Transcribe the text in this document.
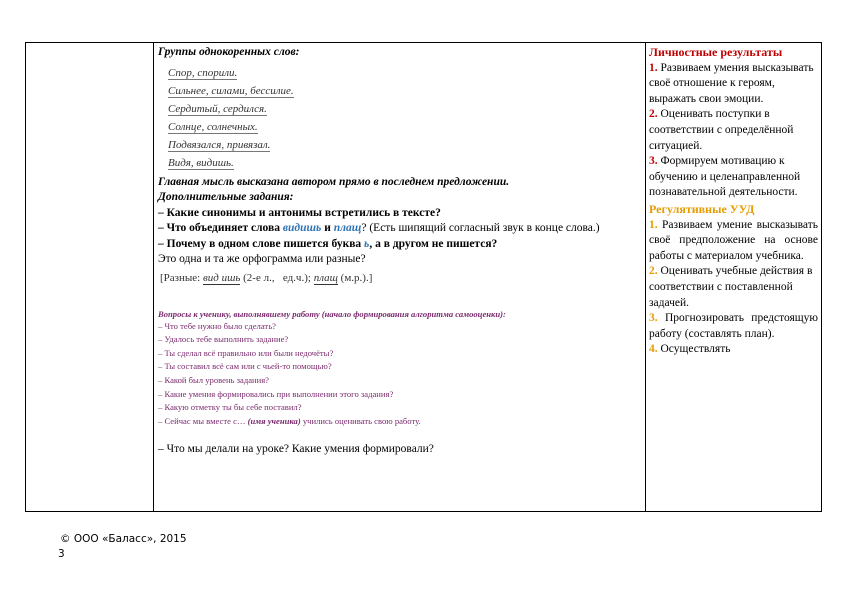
Группы однокоренных слов:
Спор, спорили.
Сильнее, силами, бессилие.
Сердитый, сердился.
Солнце, солнечных.
Подвязался, привязал.
Видя, видишь.
Главная мысль высказана автором прямо в последнем предложении.
Дополнительные задания:
– Какие синонимы и антонимы встретились в тексте?
– Что объединяет слова видишь и плащ? (Есть шипящий согласный звук в конце слова.)
– Почему в одном слове пишется буква ь, а в другом не пишется?
Это одна и та же орфограмма или разные?
[Разные: вид ишь (2-е л.,   ед.ч.); плащ (м.р.).]
Вопросы к ученику, выполнявшему работу (начало формирования алгоритма самооценки):

– Что тебе нужно было сделать?

– Удалось тебе выполнить задание?

– Ты сделал всё правильно или были недочёты?

– Ты составил всё сам или с чьей-то помощью?

– Какой был уровень задания?

– Какие умения формировались при выполнении этого задания?

– Какую отметку ты бы себе поставил?

– Сейчас мы вместе с… (имя ученика) учились оценивать свою работу.

– Что мы делали на уроке? Какие умения формировали?
Личностные результаты
1. Развиваем умения высказывать своё отношение к героям, выражать свои эмоции.
2. Оценивать поступки в соответствии с определённой ситуацией.
3. Формируем мотивацию к обучению и целенаправленной познавательной деятельности.
Регулятивные УУД
1. Развиваем умение высказывать своё предположение на основе работы с материалом учебника.
2. Оценивать учебные действия в соответствии с поставленной задачей.
3. Прогнозировать предстоящую работу (составлять план).
4. Осуществлять
© ООО «Баласс», 2015
3
